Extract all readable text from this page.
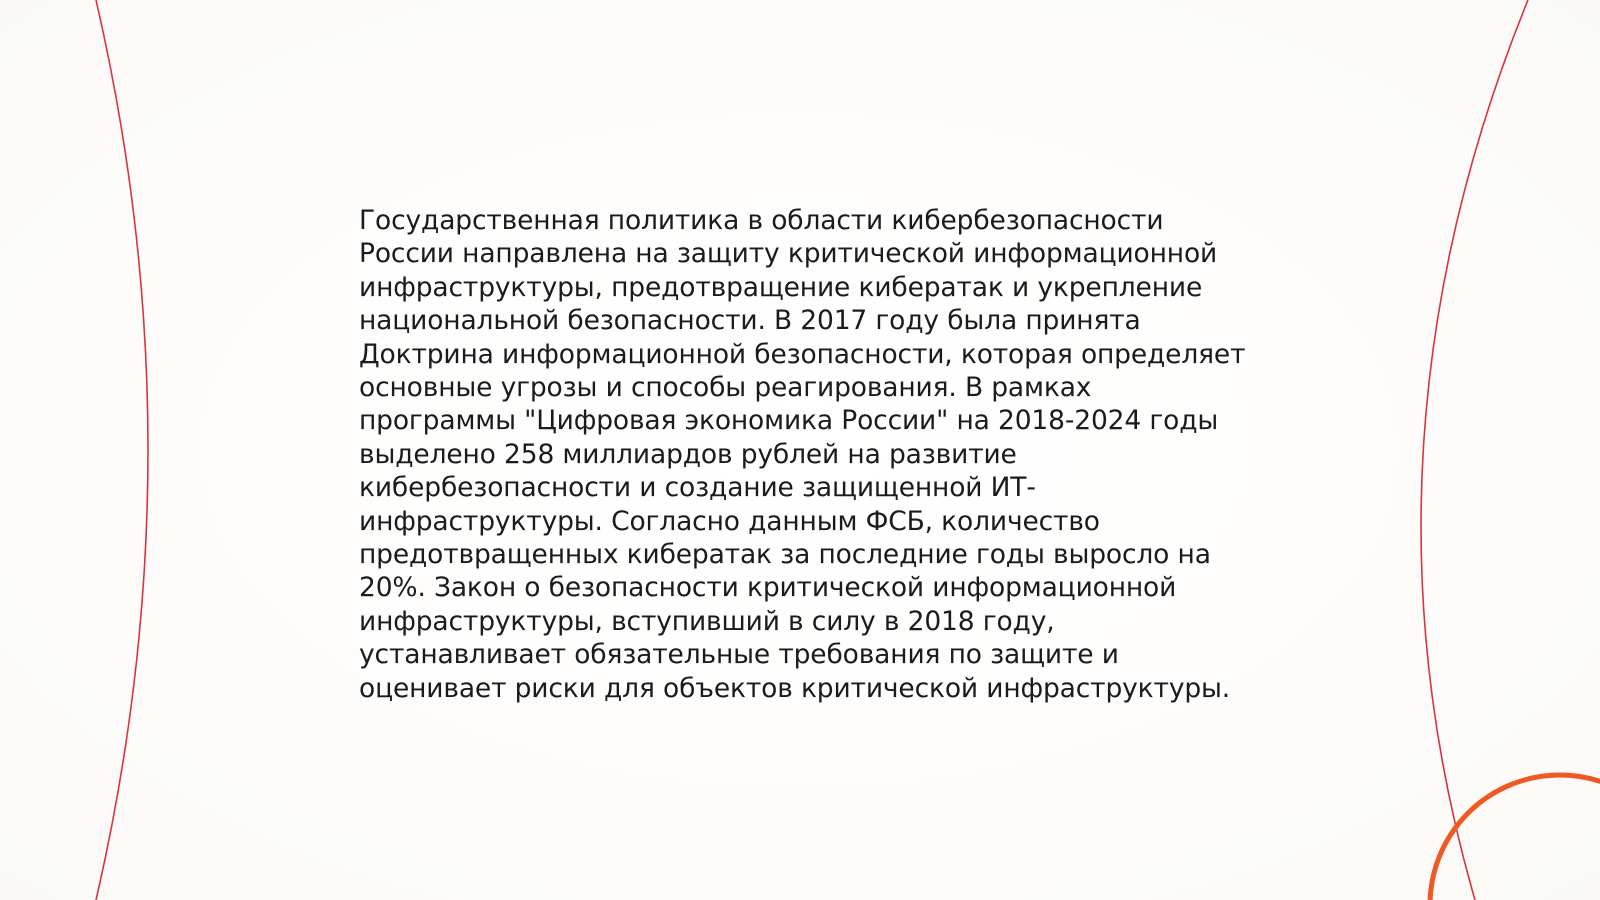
Государственная политика в области кибербезопасности России направлена на защиту критической информационной инфраструктуры, предотвращение кибератак и укрепление национальной безопасности. В 2017 году была принята Доктрина информационной безопасности, которая определяет основные угрозы и способы реагирования. В рамках программы "Цифровая экономика России" на 2018-2024 годы выделено 258 миллиардов рублей на развитие кибербезопасности и создание защищенной ИТ-инфраструктуры. Согласно данным ФСБ, количество предотвращенных кибератак за последние годы выросло на 20%. Закон о безопасности критической информационной инфраструктуры, вступивший в силу в 2018 году, устанавливает обязательные требования по защите и оценивает риски для объектов критической инфраструктуры.
